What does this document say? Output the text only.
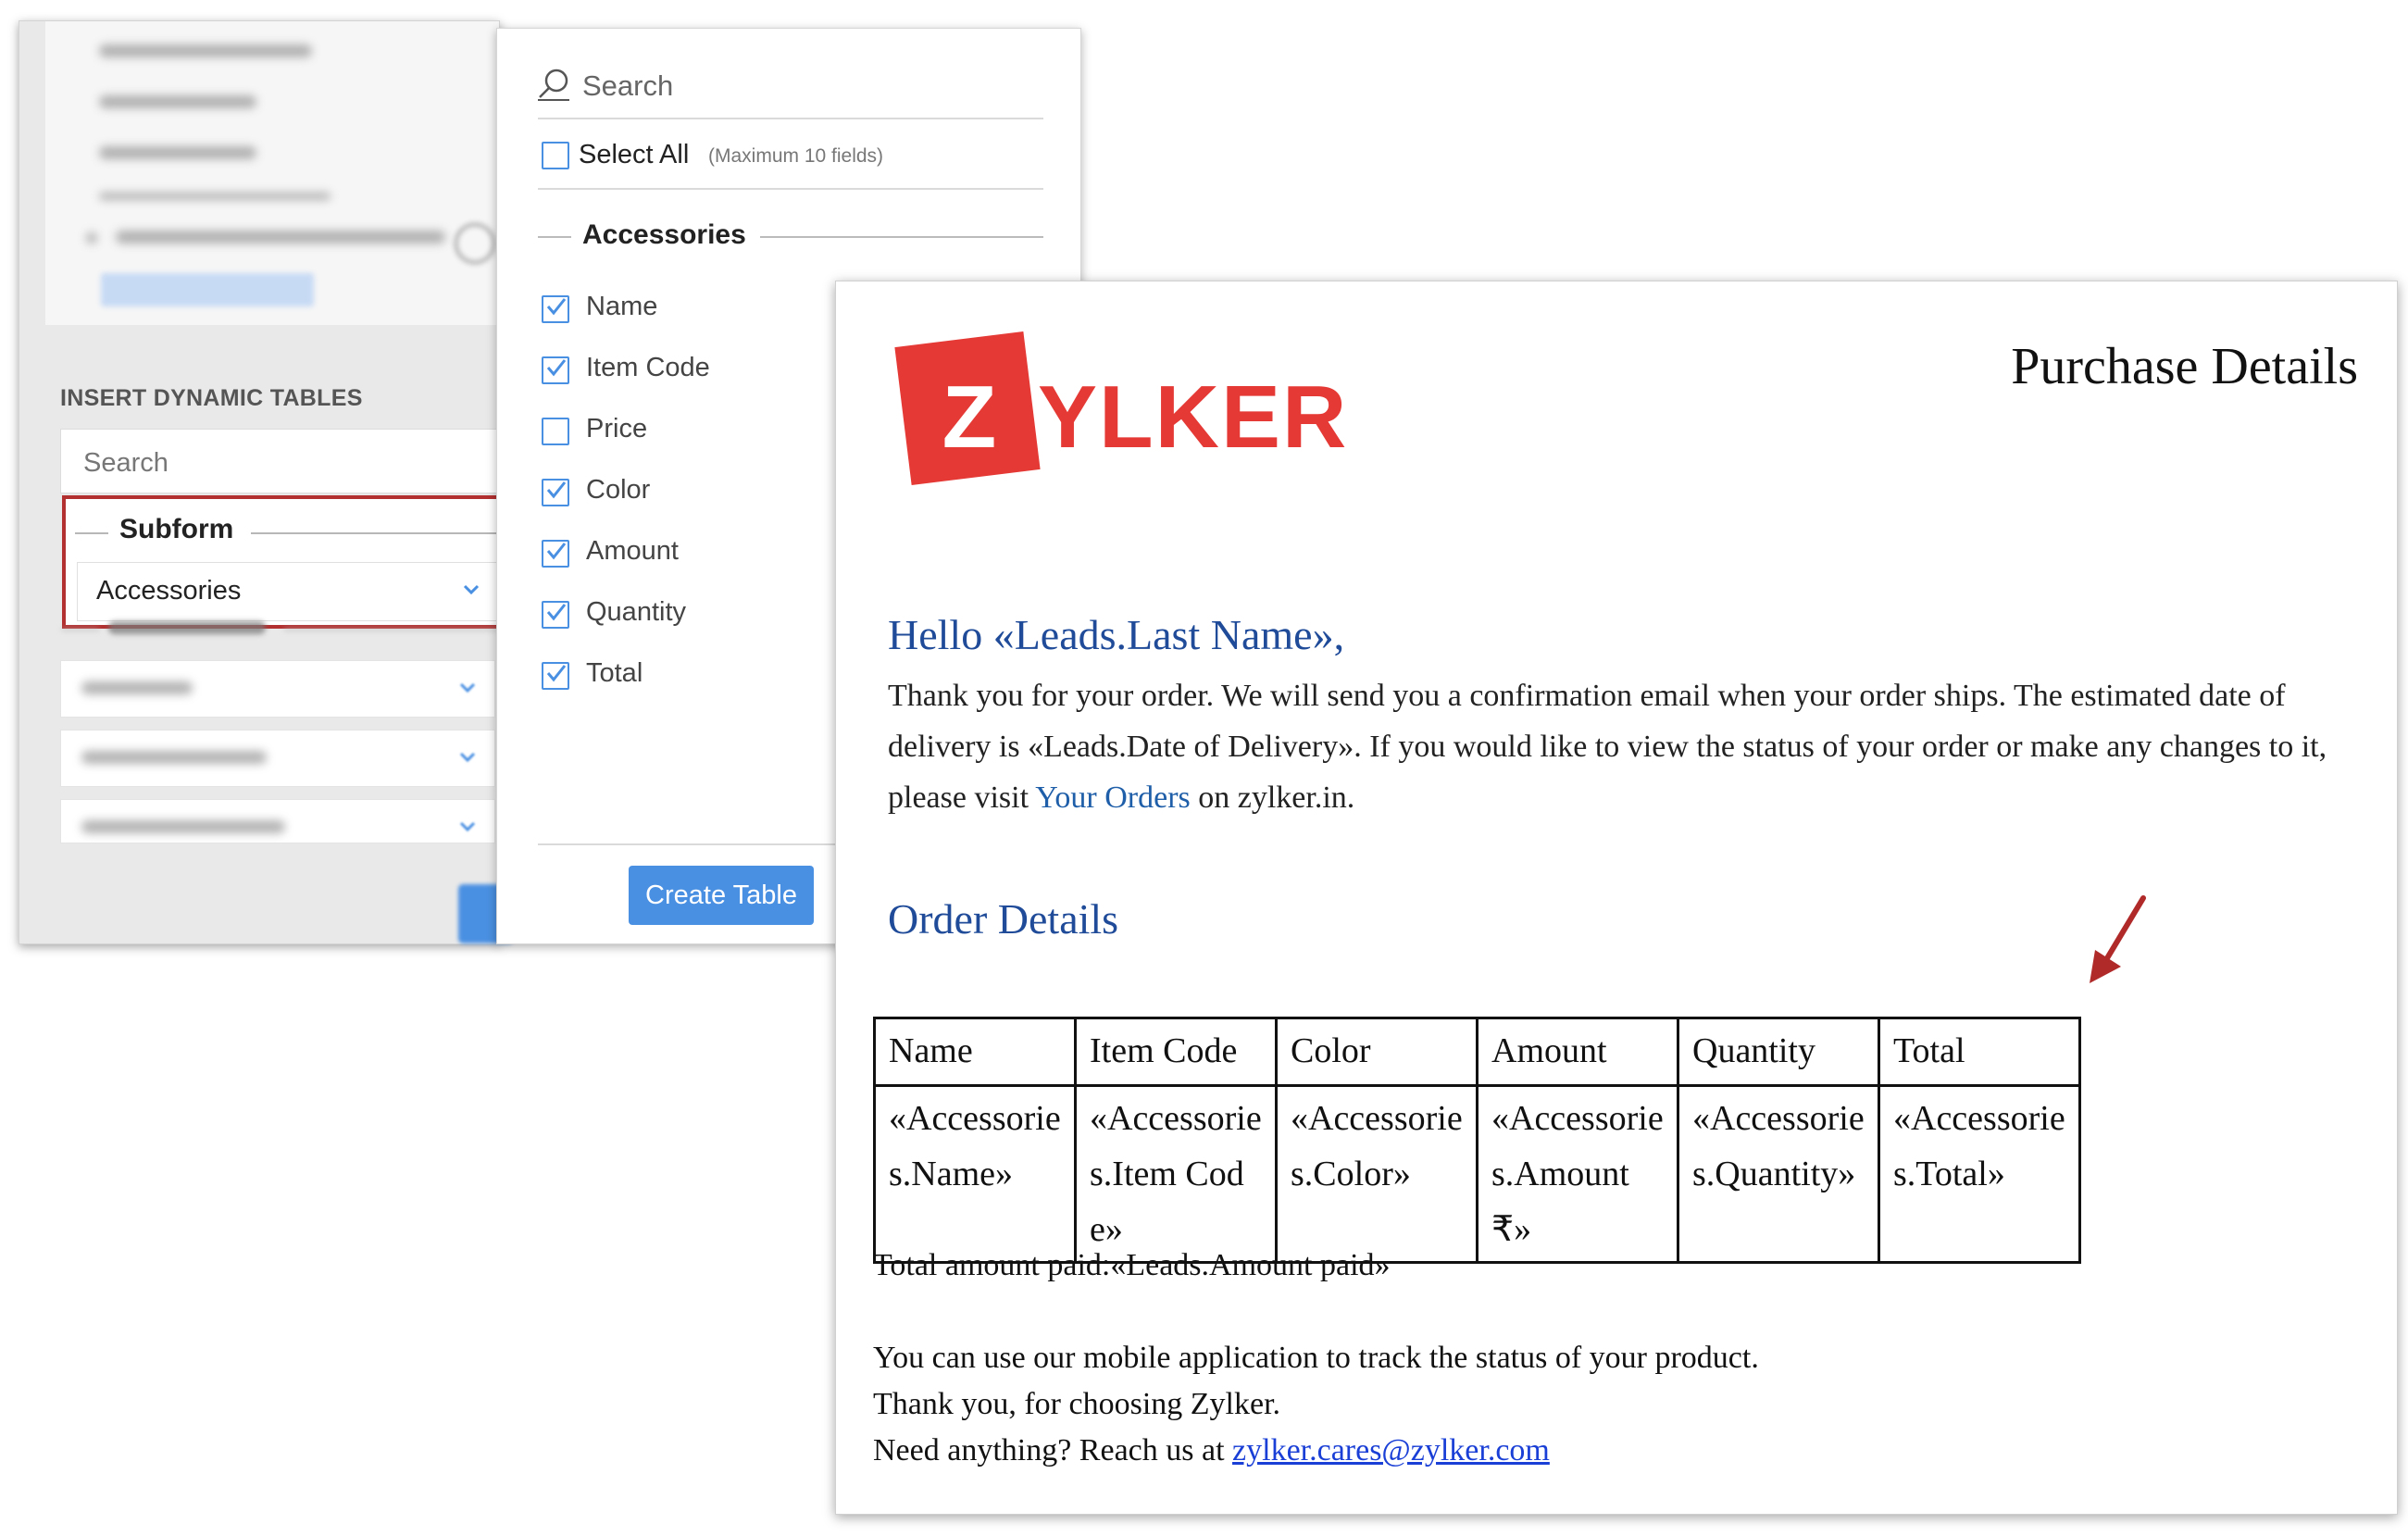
INSERT DYNAMIC TABLES
Search
Subform
Accessories
Search
Select All (Maximum 10 fields)
Accessories
Name
Item Code
Price
Color
Amount
Quantity
Total
Create Table
Z YLKER
Purchase Details
Hello «Leads.Last Name»,
Thank you for your order. We will send you a confirmation email when your order ships. The estimated date of delivery is «Leads.Date of Delivery». If you would like to view the status of your order or make any changes to it, please visit Your Orders on zylker.in.
Order Details
Name	Item Code	Color	Amount	Quantity	Total
«Accessories.Name»	«Accessories.Item Code»	«Accessories.Color»	«Accessories.Amount ₹»	«Accessories.Quantity»	«Accessories.Total»
Total amount paid:«Leads.Amount paid»
You can use our mobile application to track the status of your product.
Thank you, for choosing Zylker.
Need anything? Reach us at zylker.cares@zylker.com
